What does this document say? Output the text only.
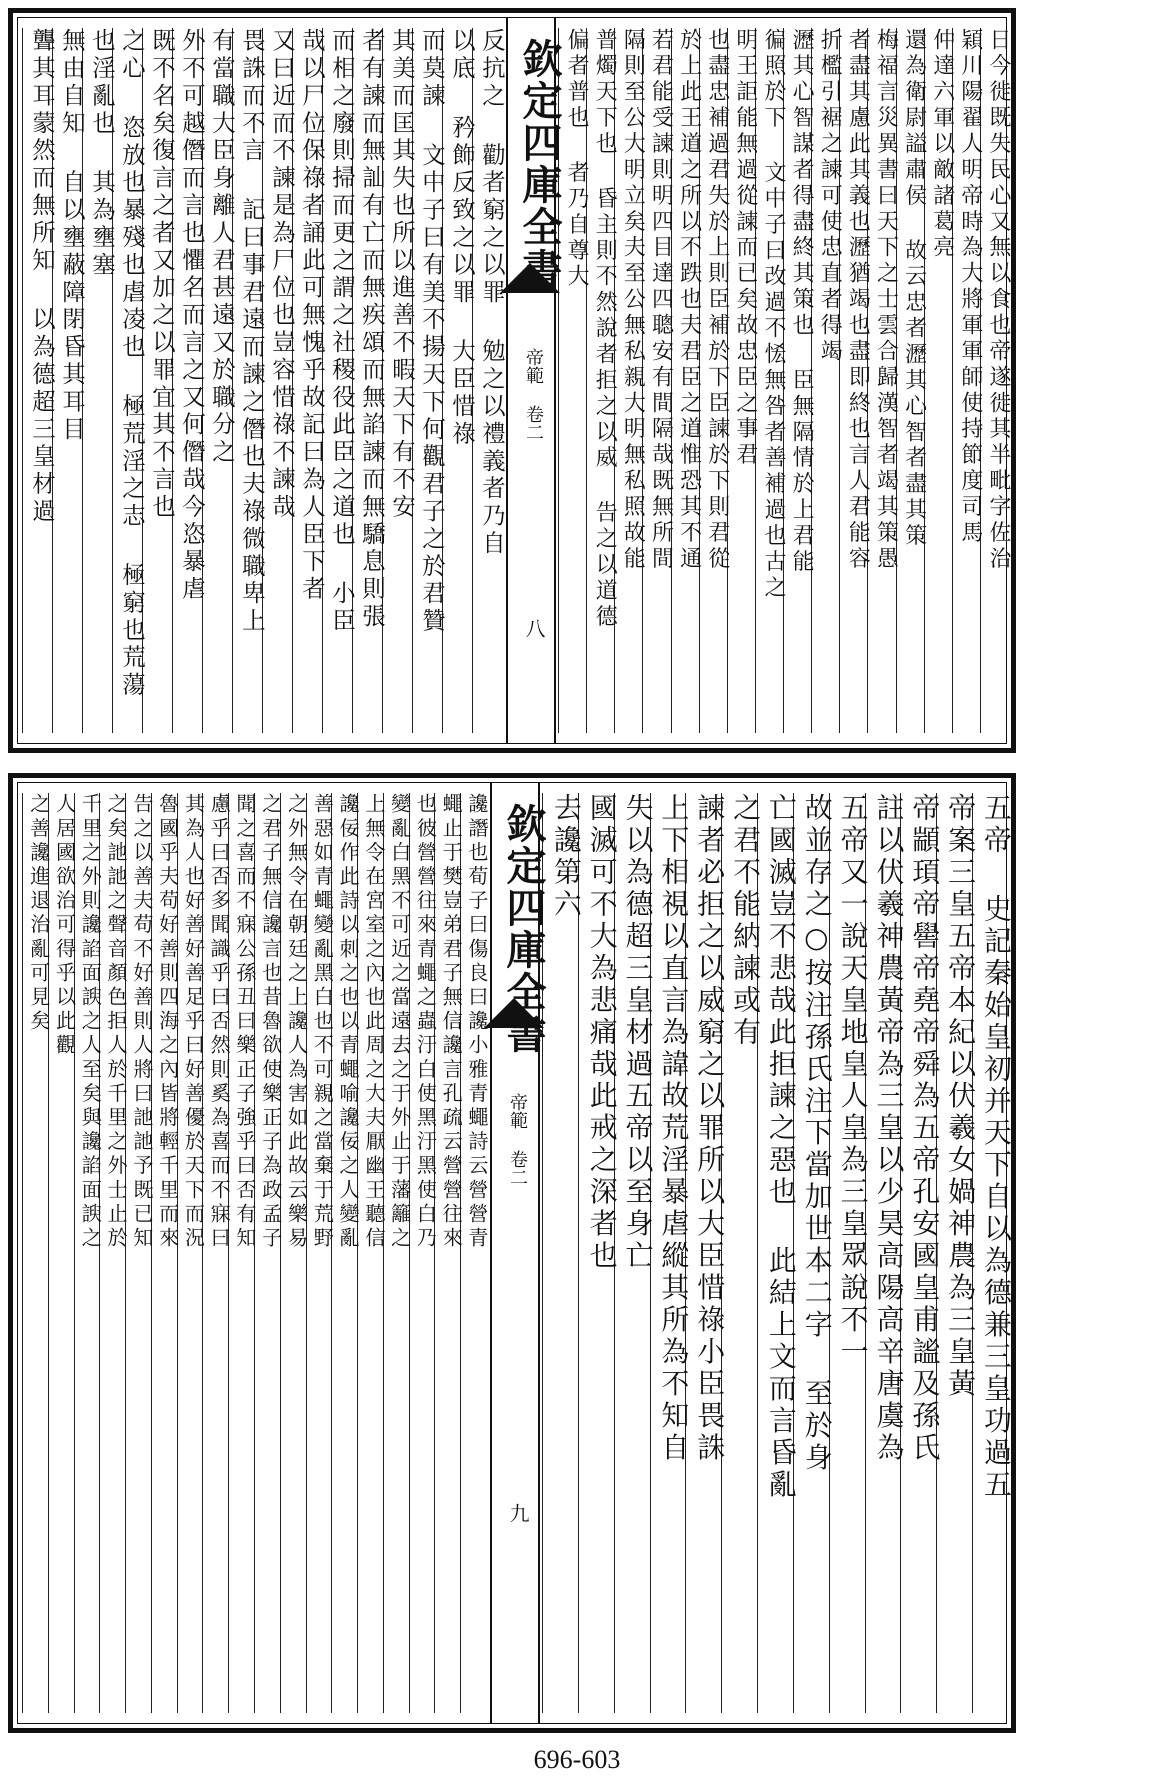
日今徙既失民心又無以食也帝遂徙其半毗字佐治
穎川陽翟人明帝時為大將軍軍師使持節度司馬
仲達六軍以敵諸葛亮
還為衛尉謚肅侯 故云忠者瀝其心智者盡其策
梅福言災異書曰天下之士雲合歸漢智者竭其策愚
者盡其慮此其義也瀝猶竭也盡即終也言人君能容
折檻引裾之諫可使忠直者得竭
瀝其心智謀者得盡終其策也 臣無隔情於上君能
徧照於下 文中子曰改過不恡無咎者善補過也古之
明王詎能無過從諫而已矣故忠臣之事君
也盡忠補過君失於上則臣補於下臣諫於下則君從
於上此王道之所以不跌也夫君臣之道惟恐其不通
若君能受諫則明四目達四聰安有間隔哉既無所間
隔則至公大明立矣夫至公無私親大明無私照故能
普燭天下也 昏主則不然說者拒之以威 告之以道德
偏者普也 者乃自尊大
反抗之 勸者窮之以罪 勉之以禮義者乃自
以底 矜飾反致之以罪 大臣惜祿
而莫諫 文中子曰有美不揚天下何觀君子之於君贊
其美而匡其失也所以進善不暇天下有不安
者有諫而無訕有亡而無疾頌而無諂諫而無驕息則張
而相之廢則掃而更之謂之社稷役此臣之道也 小臣
哉以尸位保祿者誦此可無愧乎故記曰為人臣下者
又曰近而不諫是為尸位也豈容惜祿不諫哉
畏誅而不言 記曰事君遠而諫之僭也夫祿微職卑上
有當職大臣身離人君甚遠又於職分之
外不可越僭而言也懼名而言之又何僭哉今恣暴虐
既不名矣復言之者又加之以罪宜其不言也
之心 恣放也暴殘也虐凌也 極荒淫之志 極窮也荒蕩
也淫亂也 其為壅塞
無由自知 自以壅蔽障閉昏其耳目
聾其耳蒙然而無所知 以為德超三皇材過	欽定四庫全書
帝範 卷二
八
五帝 史記秦始皇初并天下自以為德兼三皇功過五
帝案三皇五帝本紀以伏羲女媧神農為三皇黃
帝顓頊帝嚳帝堯帝舜為五帝孔安國皇甫謐及孫氏
註以伏羲神農黃帝為三皇以少昊高陽高辛唐虞為
五帝又一說天皇地皇人皇為三皇眾說不一
故並存之○按注孫氏注下當加世本二字 至於身
亡國滅豈不悲哉此拒諫之惡也 此結上文而言昏亂
之君不能納諫或有
諫者必拒之以威窮之以罪所以大臣惜祿小臣畏誅
上下相視以直言為諱故荒淫暴虐縱其所為不知自
失以為德超三皇材過五帝以至身亡
國滅可不大為悲痛哉此戒之深者也
去讒第六
讒譖也荀子曰傷良曰讒小雅青蠅詩云營營青
蠅止于樊豈弟君子無信讒言孔疏云營營往來
也彼營營往來青蠅之蟲汙白使黑汙黑使白乃
變亂白黑不可近之當遠去之于外止于藩籬之
上無令在宮室之內也此周之大夫厭幽王聽信
讒佞作此詩以刺之也以青蠅喻讒佞之人變亂
善惡如青蠅變亂黑白也不可親之當棄于荒野
之外無令在朝廷之上讒人為害如此故云樂易
之君子無信讒言也昔魯欲使樂正子為政孟子
聞之喜而不寐公孫丑曰樂正子強乎曰否有知
慮乎曰否多聞識乎曰否然則奚為喜而不寐曰
其為人也好善好善足乎曰好善優於天下而況
魯國乎夫苟好善則四海之內皆將輕千里而來
告之以善夫苟不好善則人將曰訑訑予既已知
之矣訑訑之聲音顏色拒人於千里之外士止於
千里之外則讒諂面諛之人至矣與讒諂面諛之
人居國欲治可得乎以此觀
之善讒進退治亂可見矣	欽定四庫全書
帝範 卷二
九
696-603
